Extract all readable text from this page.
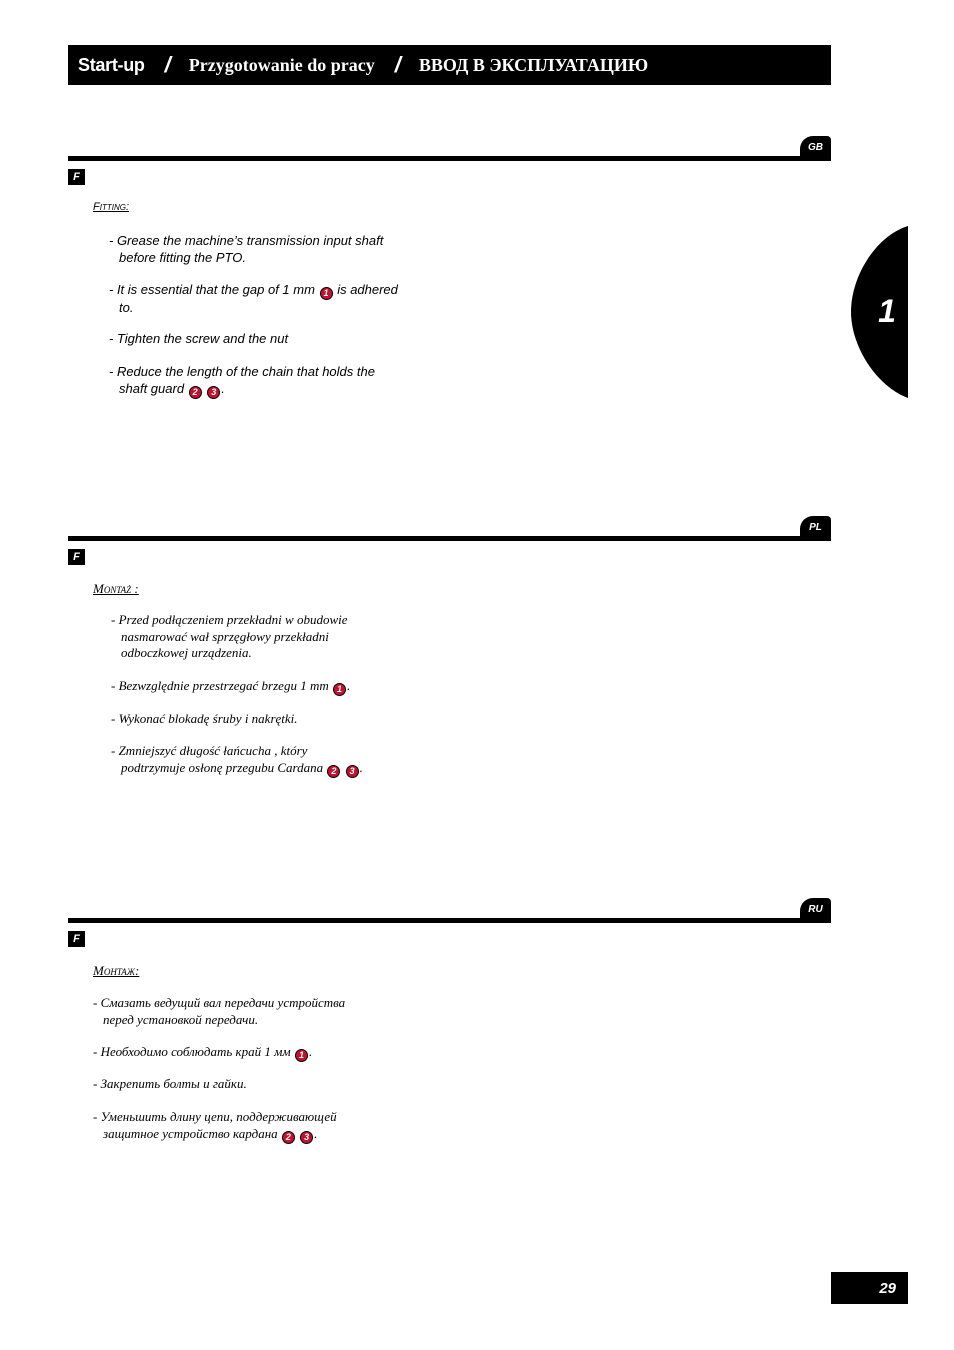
Start-up / Przygotowanie do pracy / ВВОД В ЭКСПЛУАТАЦИЮ
1
GB
F
Fitting:
- Grease the machine’s transmission input shaft
before fitting the PTO.
- It is essential that the gap of 1 mm 1 is adhered
to.
- Tighten the screw and the nut
- Reduce the length of the chain that holds the
shaft guard 2 3 .
PL
F
Montaż :
- Przed podłączeniem przekładni w obudowie
nasmarować wał sprzęgłowy przekładni
odboczkowej urządzenia.
- Bezwzględnie przestrzegać brzegu 1 mm 1 .
- Wykonać blokadę śruby i nakrętki.
- Zmniejszyć długość łańcucha , który
podtrzymuje osłonę przegubu Cardana 2 3 .
RU
F
Монтаж:
- Смазать ведущий вал передачи устройства
перед установкой передачи.
- Необходимо соблюдать край 1 мм 1 .
- Закрепить болты и гайки.
- Уменьшить длину цепи, поддерживающей
защитное устройство кардана 2 3 .
29
